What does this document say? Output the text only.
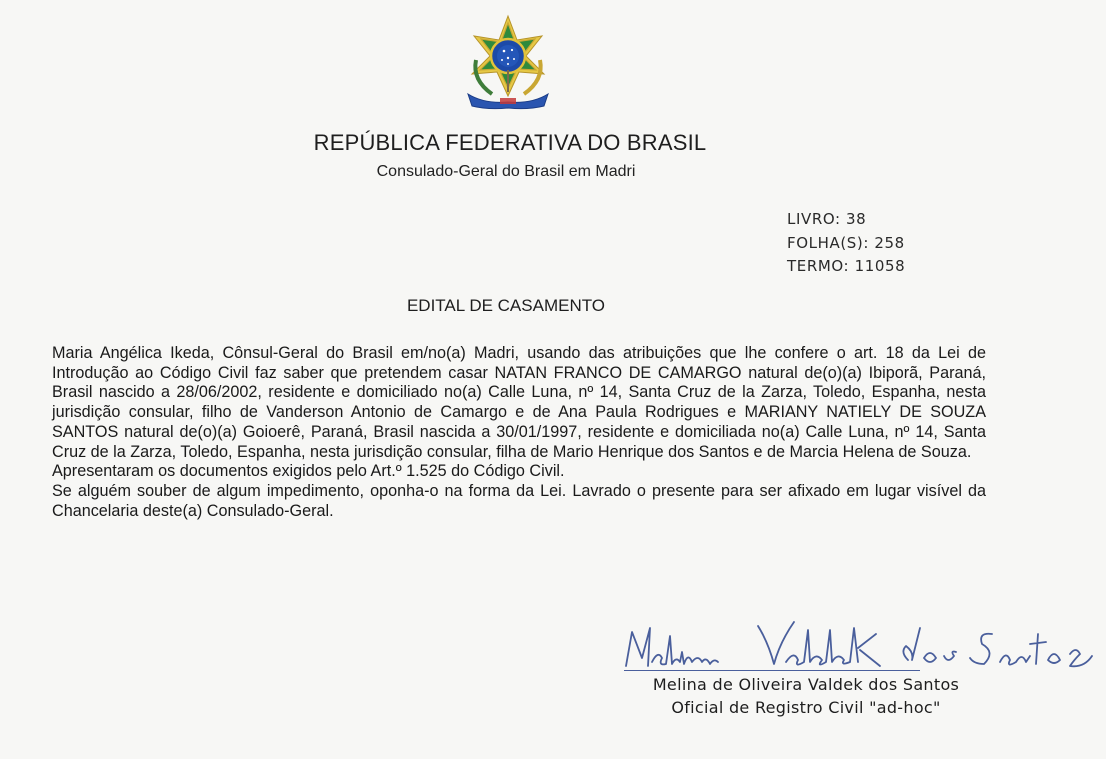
REPÚBLICA FEDERATIVA DO BRASIL
Consulado-Geral do Brasil em Madri
LIVRO: 38
FOLHA(S): 258
TERMO: 11058
EDITAL DE CASAMENTO

Maria Angélica Ikeda, Cônsul-Geral do Brasil em/no(a) Madri, usando das atribuições que lhe confere o art. 18 da Lei de Introdução ao Código Civil faz saber que pretendem casar NATAN FRANCO DE CAMARGO natural de(o)(a) Ibiporã, Paraná, Brasil nascido a 28/06/2002, residente e domiciliado no(a) Calle Luna, nº 14, Santa Cruz de la Zarza, Toledo, Espanha, nesta jurisdição consular, filho de Vanderson Antonio de Camargo e de Ana Paula Rodrigues e MARIANY NATIELY DE SOUZA SANTOS natural de(o)(a) Goioerê, Paraná, Brasil nascida a 30/01/1997, residente e domiciliada no(a) Calle Luna, nº 14, Santa Cruz de la Zarza, Toledo, Espanha, nesta jurisdição consular, filha de Mario Henrique dos Santos e de Marcia Helena de Souza.

Apresentaram os documentos exigidos pelo Art.º 1.525 do Código Civil.

Se alguém souber de algum impedimento, oponha-o na forma da Lei. Lavrado o presente para ser afixado em lugar visível da Chancelaria deste(a) Consulado-Geral.

Melina de Oliveira Valdek dos Santos
Oficial de Registro Civil "ad-hoc"
